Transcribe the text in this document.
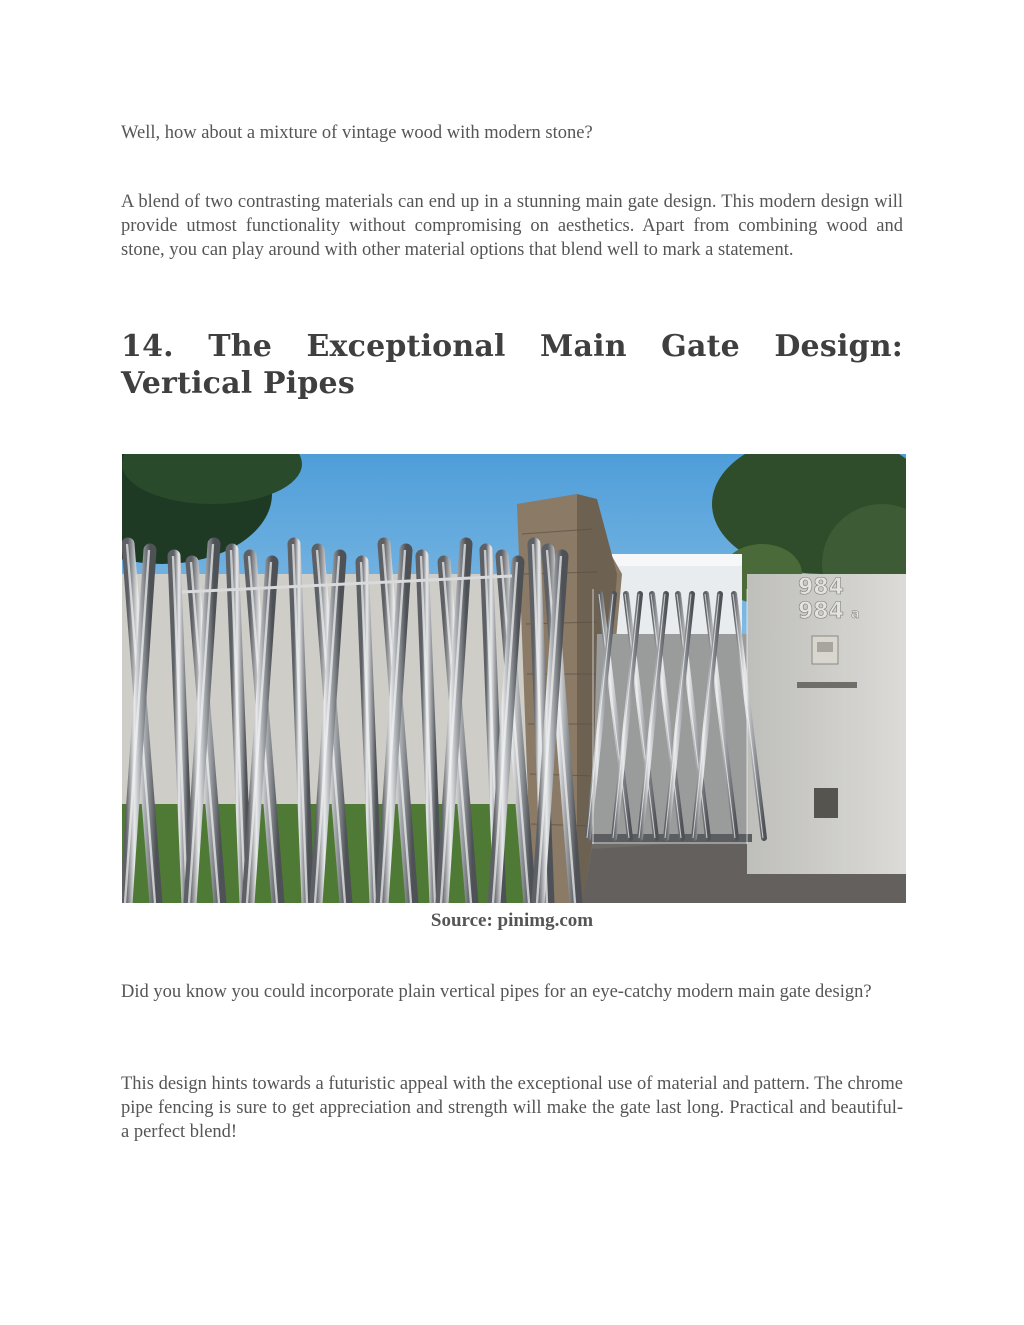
Well, how about a mixture of vintage wood with modern stone?

A blend of two contrasting materials can end up in a stunning main gate design. This modern design will provide utmost functionality without compromising on aesthetics. Apart from combining wood and stone, you can play around with other material options that blend well to mark a statement.

14. The Exceptional Main Gate Design: Vertical Pipes
984
984 a
Source: pinimg.com

Did you know you could incorporate plain vertical pipes for an eye-catchy modern main gate design?

This design hints towards a futuristic appeal with the exceptional use of material and pattern. The chrome pipe fencing is sure to get appreciation and strength will make the gate last long. Practical and beautiful- a perfect blend!
